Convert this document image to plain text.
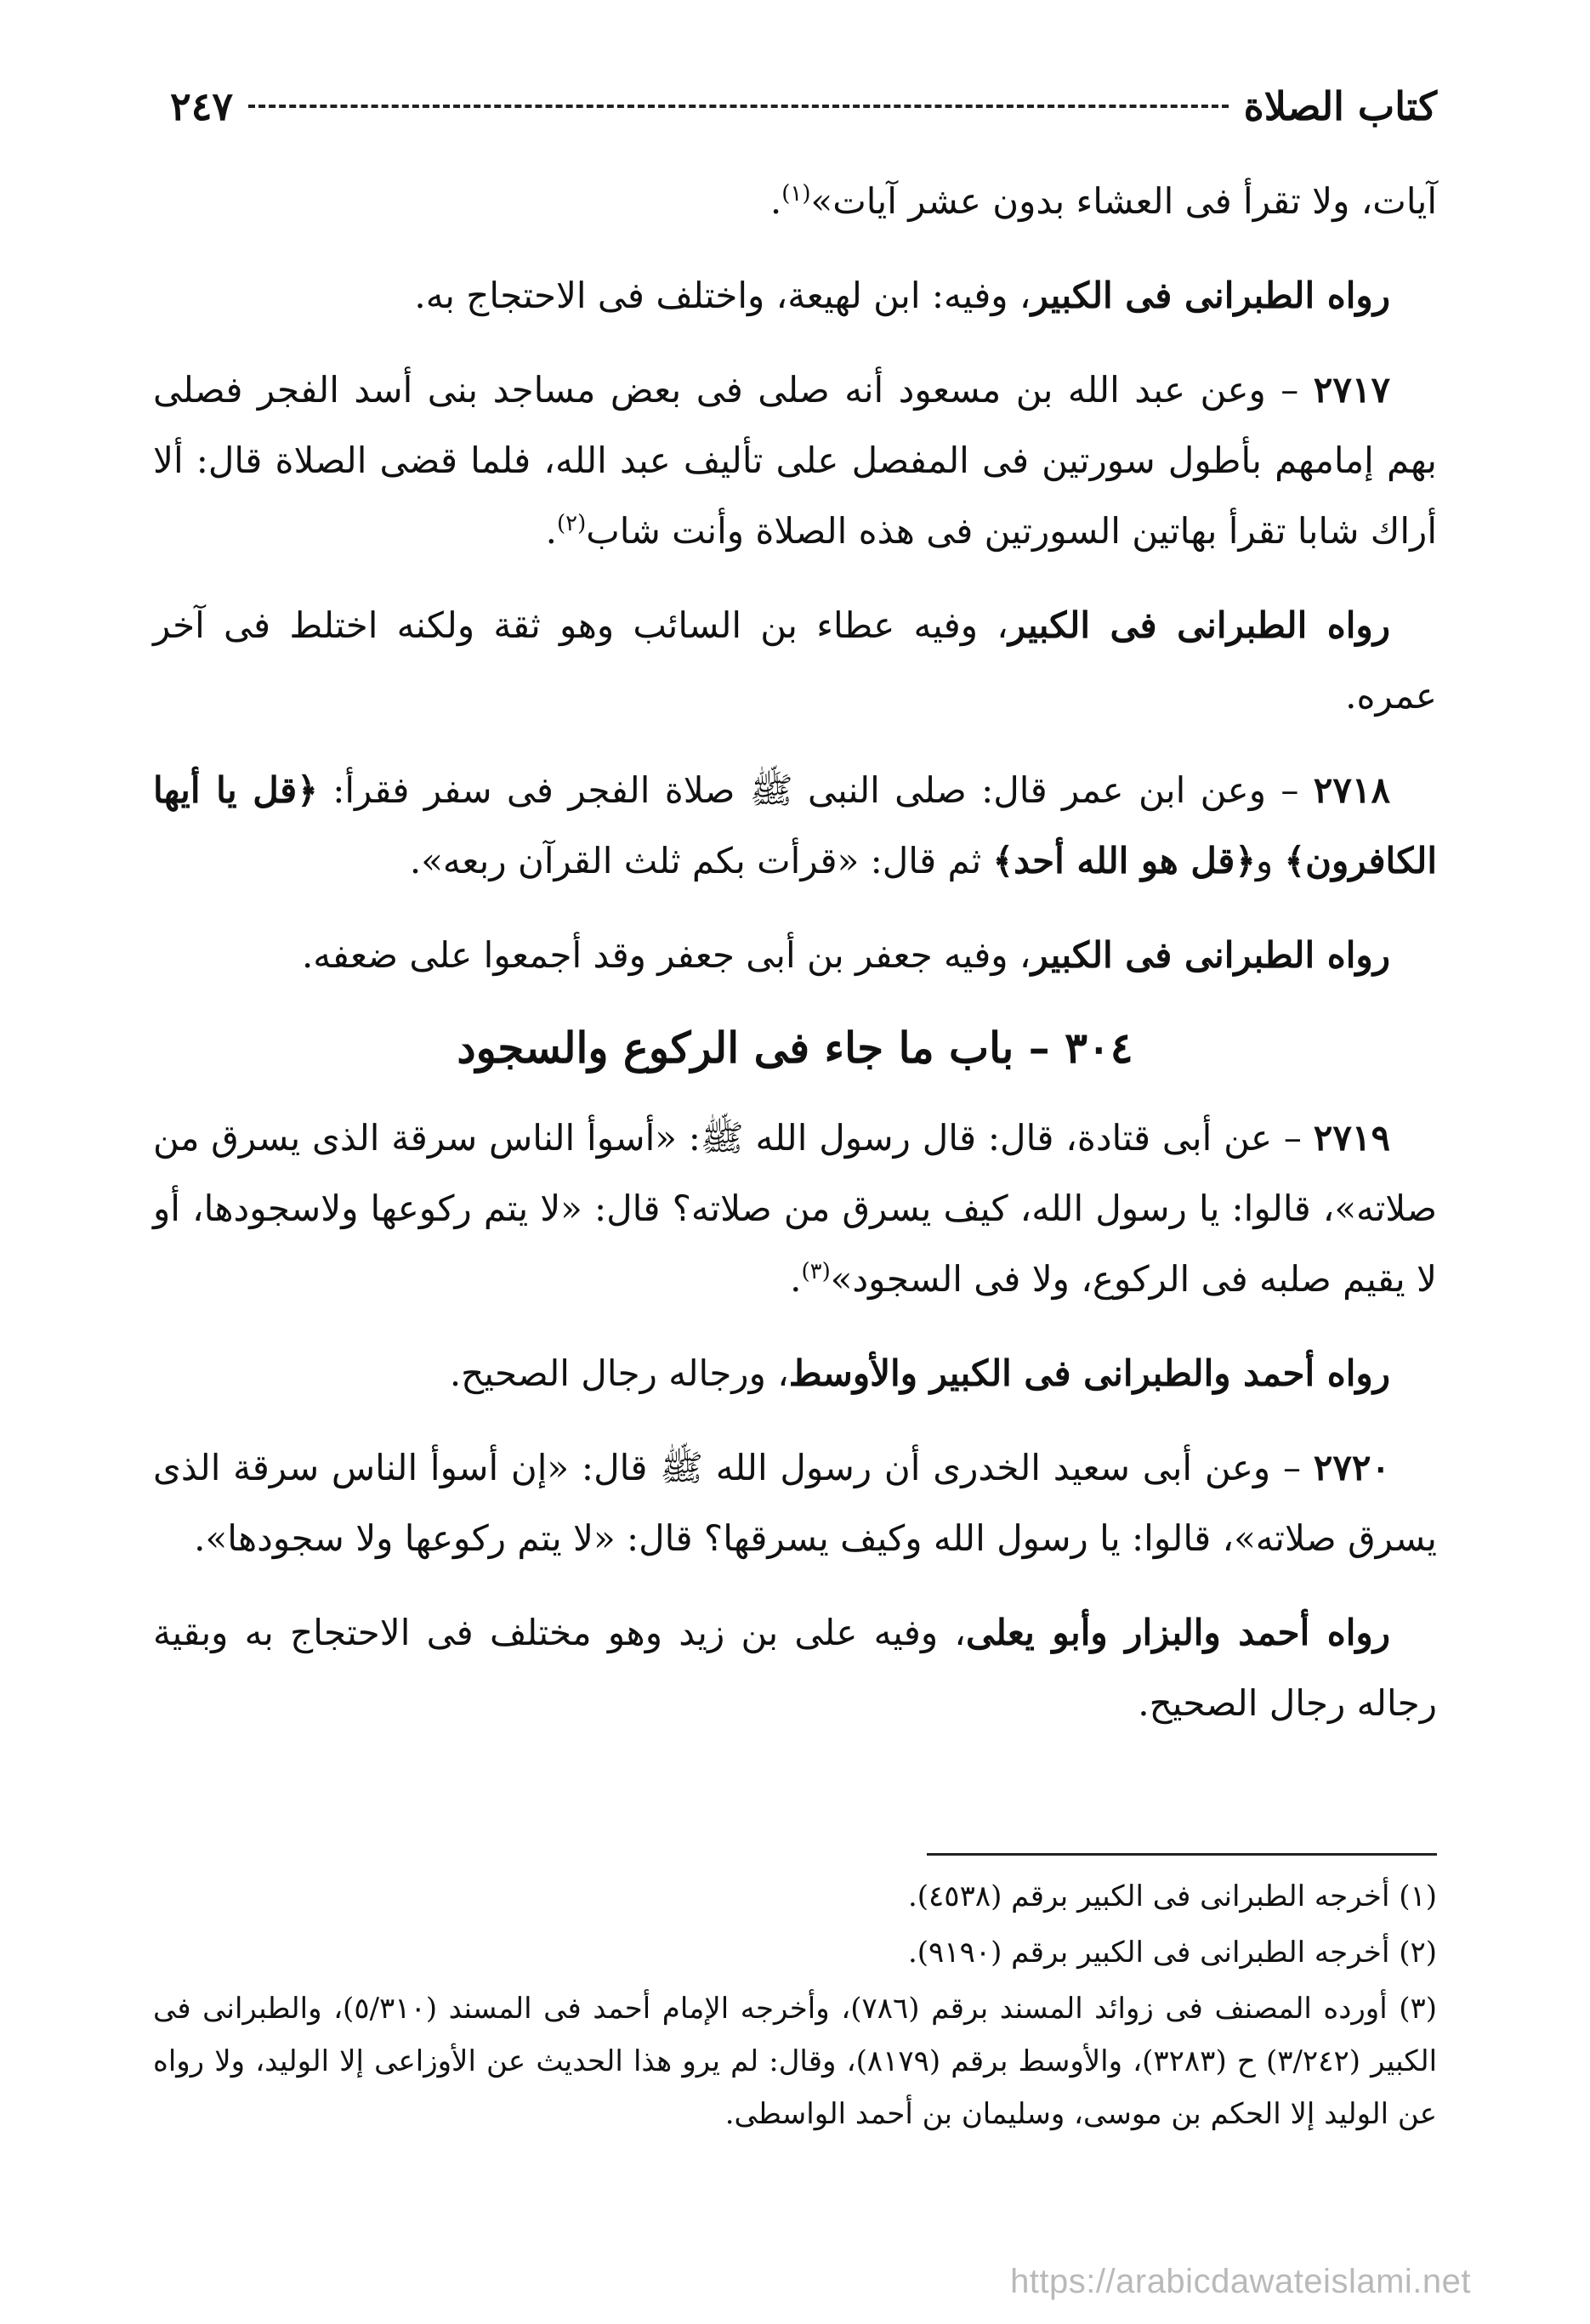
كتاب الصلاة
٢٤٧

آيات، ولا تقرأ فى العشاء بدون عشر آيات»$^{(١)}$.

رواه الطبرانى فى الكبير، وفيه: ابن لهيعة، واختلف فى الاحتجاج به.

٢٧١٧ – وعن عبد الله بن مسعود أنه صلى فى بعض مساجد بنى أسد الفجر فصلى بهم إمامهم بأطول سورتين فى المفصل على تأليف عبد الله، فلما قضى الصلاة قال: ألا أراك شابا تقرأ بهاتين السورتين فى هذه الصلاة وأنت شاب$^{(٢)}$.

رواه الطبرانى فى الكبير، وفيه عطاء بن السائب وهو ثقة ولكنه اختلط فى آخر عمره.

٢٧١٨ – وعن ابن عمر قال: صلى النبى ﷺ صلاة الفجر فى سفر فقرأ: ﴿قل يا أيها الكافرون﴾ و﴿قل هو الله أحد﴾ ثم قال: «قرأت بكم ثلث القرآن ربعه».

رواه الطبرانى فى الكبير، وفيه جعفر بن أبى جعفر وقد أجمعوا على ضعفه.

٣٠٤ – باب ما جاء فى الركوع والسجود

٢٧١٩ – عن أبى قتادة، قال: قال رسول الله ﷺ: «أسوأ الناس سرقة الذى يسرق من صلاته»، قالوا: يا رسول الله، كيف يسرق من صلاته؟ قال: «لا يتم ركوعها ولاسجودها، أو لا يقيم صلبه فى الركوع، ولا فى السجود»$^{(٣)}$.

رواه أحمد والطبرانى فى الكبير والأوسط، ورجاله رجال الصحيح.

٢٧٢٠ – وعن أبى سعيد الخدرى أن رسول الله ﷺ قال: «إن أسوأ الناس سرقة الذى يسرق صلاته»، قالوا: يا رسول الله وكيف يسرقها؟ قال: «لا يتم ركوعها ولا سجودها».

رواه أحمد والبزار وأبو يعلى، وفيه على بن زيد وهو مختلف فى الاحتجاج به وبقية رجاله رجال الصحيح.

(١) أخرجه الطبرانى فى الكبير برقم (٤٥٣٨).

(٢) أخرجه الطبرانى فى الكبير برقم (٩١٩٠).

(٣) أورده المصنف فى زوائد المسند برقم (٧٨٦)، وأخرجه الإمام أحمد فى المسند (٥/٣١٠)، والطبرانى فى الكبير (٣/٢٤٢) ح (٣٢٨٣)، والأوسط برقم (٨١٧٩)، وقال: لم يرو هذا الحديث عن الأوزاعى إلا الوليد، ولا رواه عن الوليد إلا الحكم بن موسى، وسليمان بن أحمد الواسطى.

https://arabicdawateislami.net
